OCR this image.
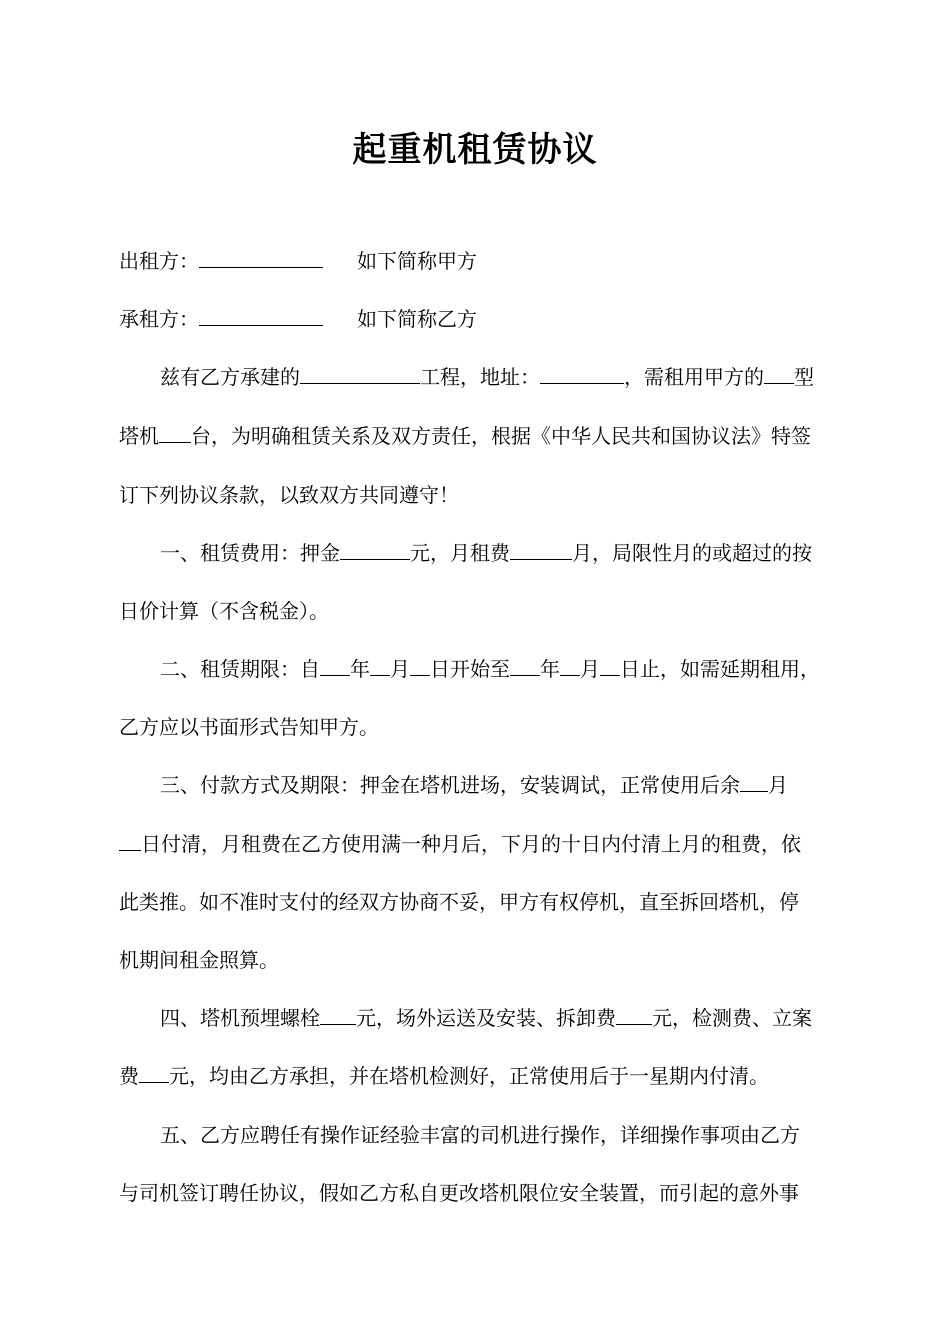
起重机租赁协议
出租方：	如下简称甲方
承租方：	如下简称乙方
兹有乙方承建的	工程，地址：	，需租用甲方的 型
塔机 台，为明确租赁关系及双方责任，根据《中华人民共和国协议法》特签
订下列协议条款，以致双方共同遵守！
一、租赁费用：押金	元，月租费	月，局限性月的或超过的按
日价计算（不含税金）。
二、租赁期限：自 年 月 日开始至 年 月 日止，如需延期租用，
乙方应以书面形式告知甲方。
三、付款方式及期限：押金在塔机进场，安装调试，正常使用后余 月
日付清，月租费在乙方使用满一种月后，下月的十日内付清上月的租费，依
此类推。如不准时支付的经双方协商不妥，甲方有权停机，直至拆回塔机，停
机期间租金照算。
四、塔机预埋螺栓 元，场外运送及安装、拆卸费 元，检测费、立案
费 元，均由乙方承担，并在塔机检测好，正常使用后于一星期内付清。
五、乙方应聘任有操作证经验丰富的司机进行操作，详细操作事项由乙方
与司机签订聘任协议，假如乙方私自更改塔机限位安全装置，而引起的意外事
